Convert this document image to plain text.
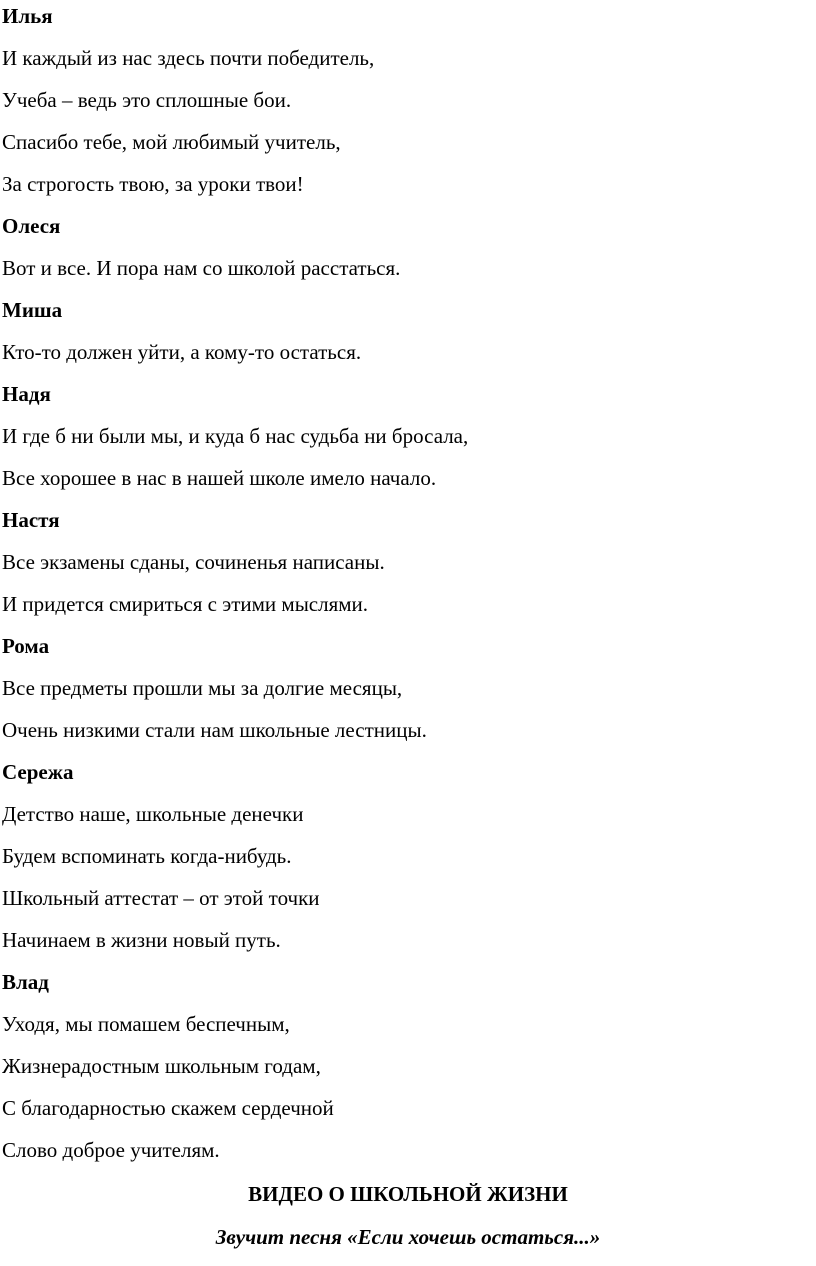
Илья
И каждый из нас здесь почти победитель,
Учеба – ведь это сплошные бои.
Спасибо тебе, мой любимый учитель,
За строгость твою, за уроки твои!
Олеся
Вот и все. И пора нам со школой расстаться.
Миша
Кто-то должен уйти, а кому-то остаться.
Надя
И где б ни были мы, и куда б нас судьба ни бросала,
Все хорошее в нас в нашей школе имело начало.
Настя
Все экзамены сданы, сочиненья написаны.
И придется смириться с этими мыслями.
Рома
Все предметы прошли мы за долгие месяцы,
Очень низкими стали нам школьные лестницы.
Сережа
Детство наше, школьные денечки
Будем вспоминать когда-нибудь.
Школьный аттестат – от этой точки
Начинаем в жизни новый путь.
Влад
Уходя, мы помашем беспечным,
Жизнерадостным школьным годам,
С благодарностью скажем сердечной
Слово доброе учителям.
ВИДЕО О ШКОЛЬНОЙ ЖИЗНИ
Звучит песня «Если хочешь остаться...»
